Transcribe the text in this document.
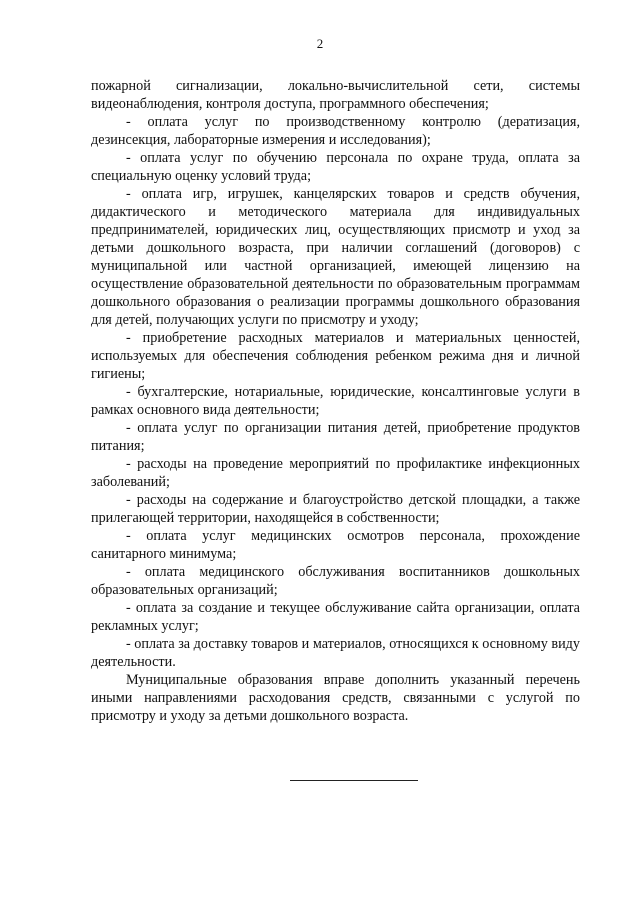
2

пожарной сигнализации, локально-вычислительной сети, системы видеонаблюдения, контроля доступа, программного обеспечения;

- оплата услуг по производственному контролю (дератизация, дезинсекция, лабораторные измерения и исследования);

- оплата услуг по обучению персонала по охране труда, оплата за специальную оценку условий труда;

- оплата игр, игрушек, канцелярских товаров и средств обучения, дидактического и методического материала для индивидуальных предпринимателей, юридических лиц, осуществляющих присмотр и уход за детьми дошкольного возраста, при наличии соглашений (договоров) с муниципальной или частной организацией, имеющей лицензию на осуществление образовательной деятельности по образовательным программам дошкольного образования о реализации программы дошкольного образования для детей, получающих услуги по присмотру и уходу;

- приобретение расходных материалов и материальных ценностей, используемых для обеспечения соблюдения ребенком режима дня и личной гигиены;

- бухгалтерские, нотариальные, юридические, консалтинговые услуги в рамках основного вида деятельности;

- оплата услуг по организации питания детей, приобретение продуктов питания;

- расходы на проведение мероприятий по профилактике инфекционных заболеваний;

- расходы на содержание и благоустройство детской площадки, а также прилегающей территории, находящейся в собственности;

- оплата услуг медицинских осмотров персонала, прохождение санитарного минимума;

- оплата медицинского обслуживания воспитанников дошкольных образовательных организаций;

- оплата за создание и текущее обслуживание сайта организации, оплата рекламных услуг;

- оплата за доставку товаров и материалов, относящихся к основному виду деятельности.

Муниципальные образования вправе дополнить указанный перечень иными направлениями расходования средств, связанными с услугой по присмотру и уходу за детьми дошкольного возраста.
